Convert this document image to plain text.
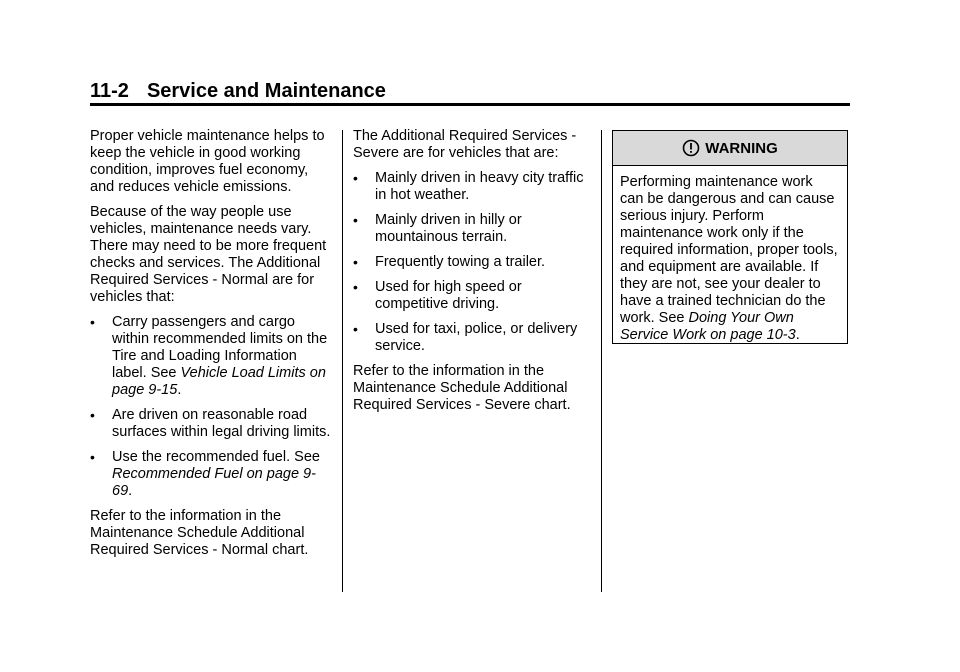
11-2 Service and Maintenance

Proper vehicle maintenance helps to keep the vehicle in good working condition, improves fuel economy, and reduces vehicle emissions.

Because of the way people use vehicles, maintenance needs vary. There may need to be more frequent checks and services. The Additional Required Services - Normal are for vehicles that:

• Carry passengers and cargo within recommended limits on the Tire and Loading Information label. See Vehicle Load Limits on page 9-15.
• Are driven on reasonable road surfaces within legal driving limits.
• Use the recommended fuel. See Recommended Fuel on page 9-69.

Refer to the information in the Maintenance Schedule Additional Required Services - Normal chart.

The Additional Required Services - Severe are for vehicles that are:

• Mainly driven in heavy city traffic in hot weather.
• Mainly driven in hilly or mountainous terrain.
• Frequently towing a trailer.
• Used for high speed or competitive driving.
• Used for taxi, police, or delivery service.

Refer to the information in the Maintenance Schedule Additional Required Services - Severe chart.

WARNING
Performing maintenance work can be dangerous and can cause serious injury. Perform maintenance work only if the required information, proper tools, and equipment are available. If they are not, see your dealer to have a trained technician do the work. See Doing Your Own Service Work on page 10-3.
